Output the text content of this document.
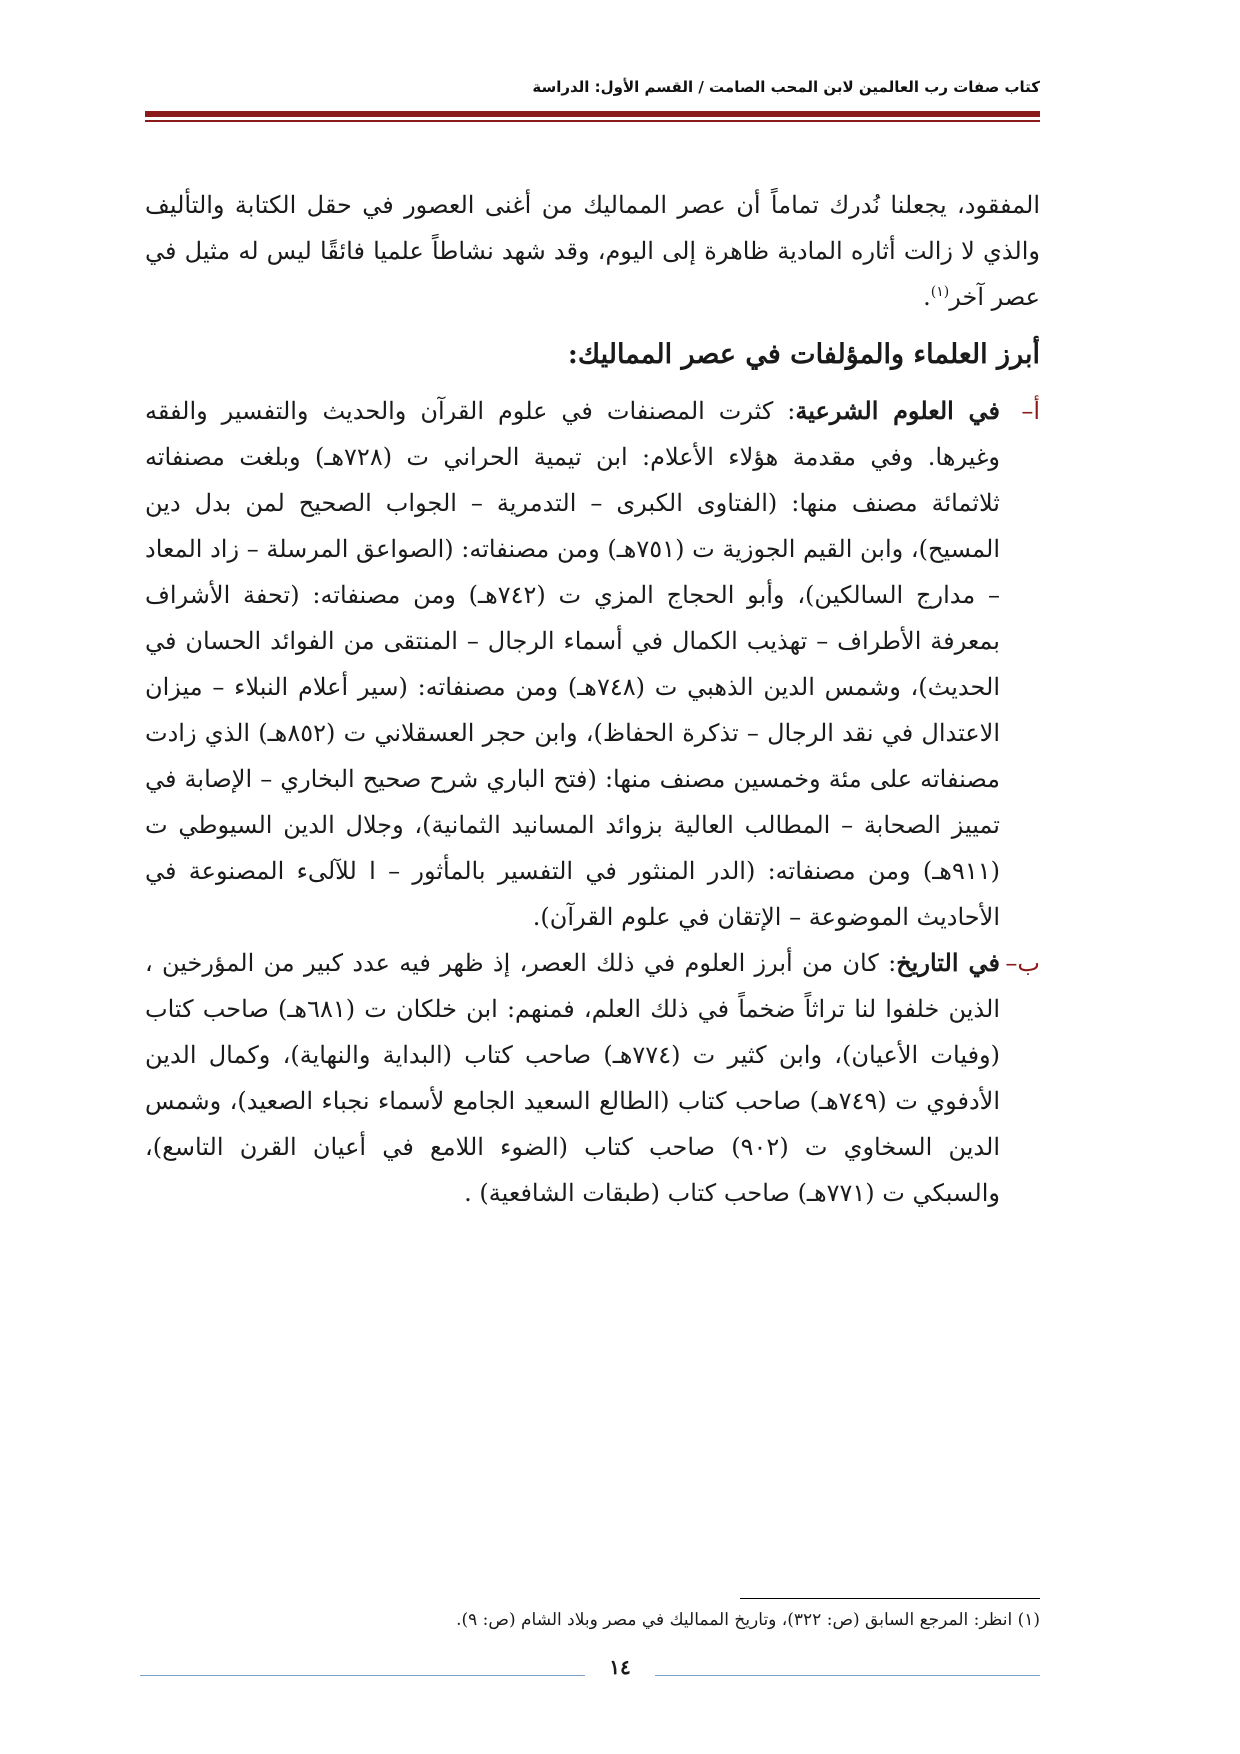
كتاب صفات رب العالمين لابن المحب الصامت / القسم الأول: الدراسة

المفقود، يجعلنا نُدرك تماماً أن عصر المماليك من أغنى العصور في حقل الكتابة والتأليف والذي لا زالت أثاره المادية ظاهرة إلى اليوم، وقد شهد نشاطاً علميا فائقًا ليس له مثيل في عصر آخر$^{(١)}$.

أبرز العلماء والمؤلفات في عصر المماليك:
أ–
في العلوم الشرعية: كثرت المصنفات في علوم القرآن والحديث والتفسير والفقه وغيرها. وفي مقدمة هؤلاء الأعلام: ابن تيمية الحراني ت (٧٢٨هـ) وبلغت مصنفاته ثلاثمائة مصنف منها: (الفتاوى الكبرى – التدمرية – الجواب الصحيح لمن بدل دين المسيح)، وابن القيم الجوزية ت (٧٥١هـ) ومن مصنفاته: (الصواعق المرسلة – زاد المعاد – مدارج السالكين)، وأبو الحجاج المزي ت (٧٤٢هـ) ومن مصنفاته: (تحفة الأشراف بمعرفة الأطراف – تهذيب الكمال في أسماء الرجال – المنتقى من الفوائد الحسان في الحديث)، وشمس الدين الذهبي ت (٧٤٨هـ) ومن مصنفاته: (سير أعلام النبلاء – ميزان الاعتدال في نقد الرجال – تذكرة الحفاظ)، وابن حجر العسقلاني ت (٨٥٢هـ) الذي زادت مصنفاته على مئة وخمسين مصنف منها: (فتح الباري شرح صحيح البخاري – الإصابة في تمييز الصحابة – المطالب العالية بزوائد المسانيد الثمانية)، وجلال الدين السيوطي ت (٩١١هـ) ومن مصنفاته: (الدر المنثور في التفسير بالمأثور – ا للآلىء المصنوعة في الأحاديث الموضوعة – الإتقان في علوم القرآن).
ب–
في التاريخ: كان من أبرز العلوم في ذلك العصر، إذ ظهر فيه عدد كبير من المؤرخين ، الذين خلفوا لنا تراثاً ضخماً في ذلك العلم، فمنهم: ابن خلكان ت (٦٨١هـ) صاحب كتاب (وفيات الأعيان)، وابن كثير ت (٧٧٤هـ) صاحب كتاب (البداية والنهاية)، وكمال الدين الأدفوي ت (٧٤٩هـ) صاحب كتاب (الطالع السعيد الجامع لأسماء نجباء الصعيد)، وشمس الدين السخاوي ت (٩٠٢) صاحب كتاب (الضوء اللامع في أعيان القرن التاسع)، والسبكي ت (٧٧١هـ) صاحب كتاب (طبقات الشافعية) .
(١) انظر: المرجع السابق (ص: ٣٢٢)، وتاريخ المماليك في مصر وبلاد الشام (ص: ٩).
١٤
